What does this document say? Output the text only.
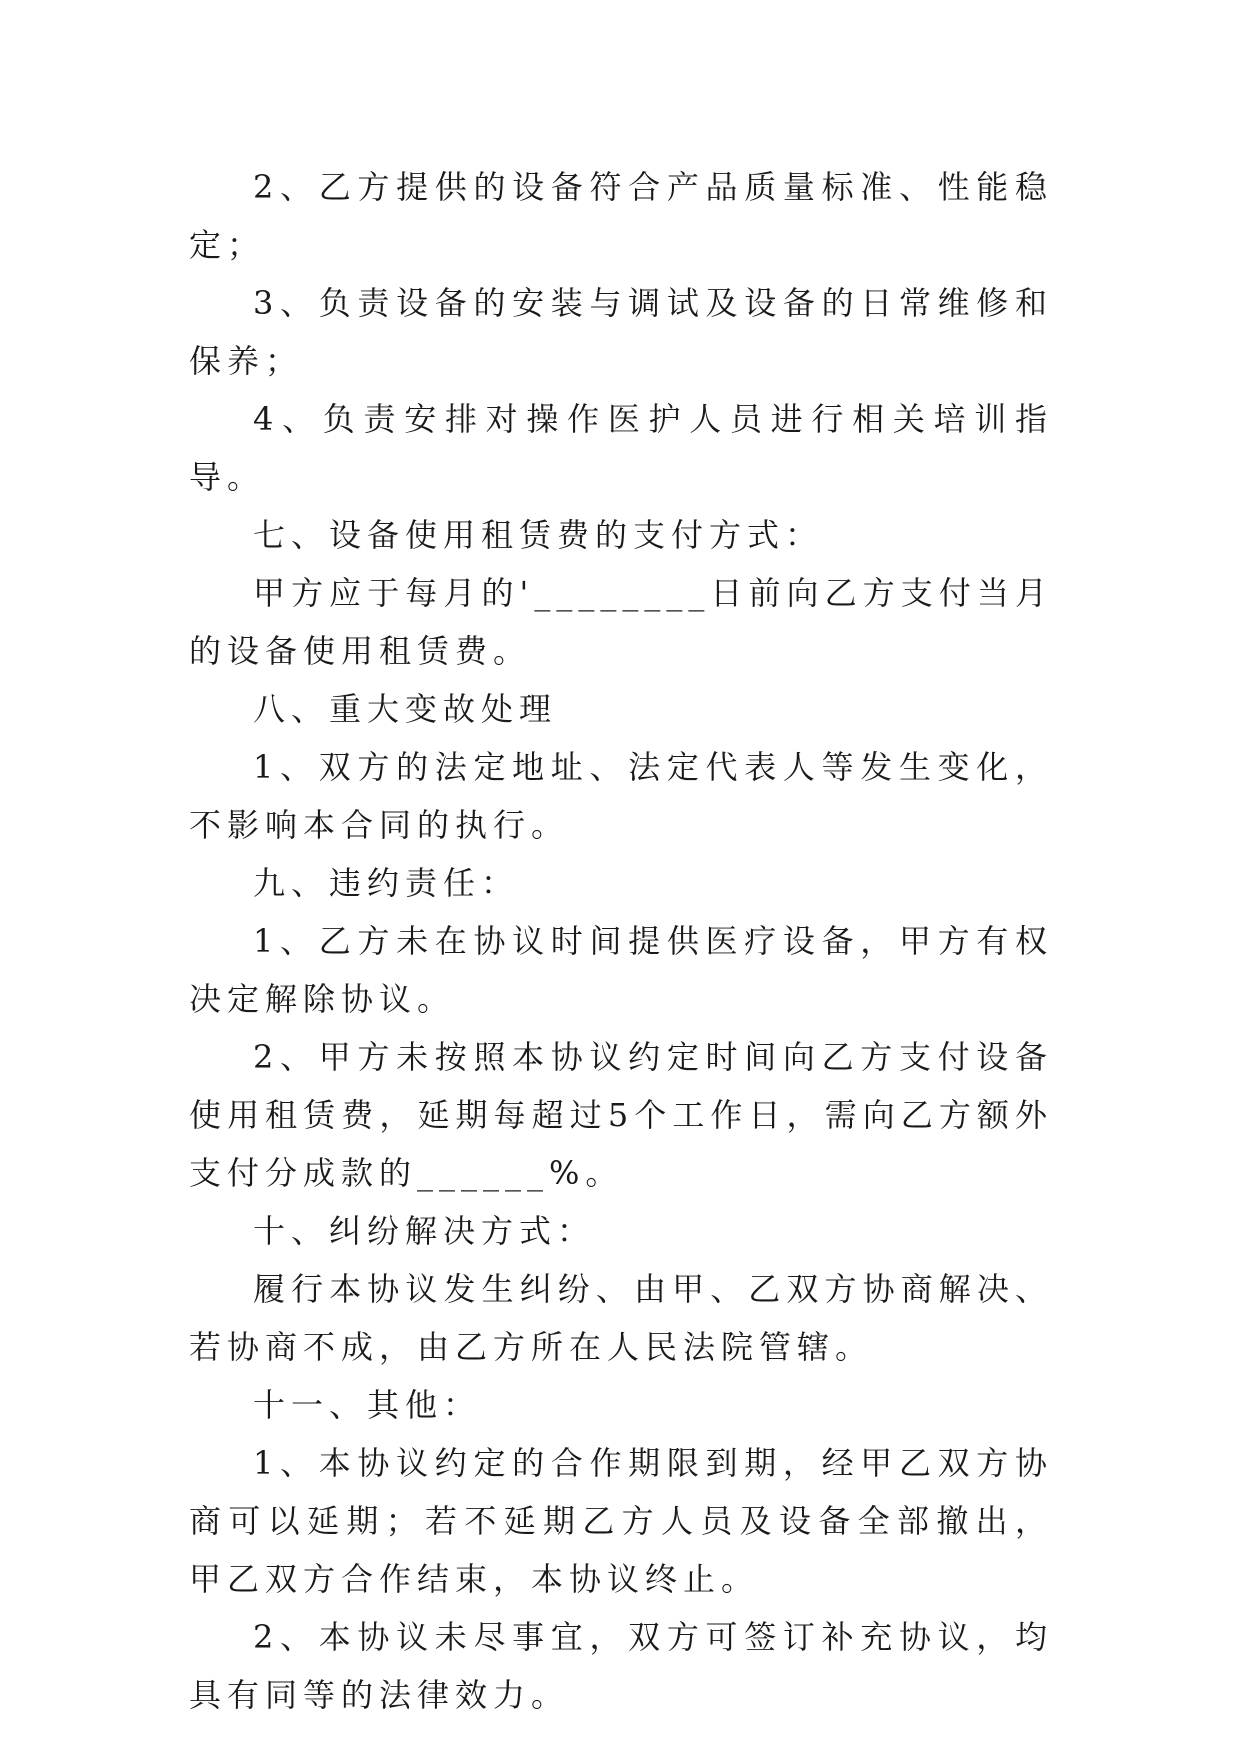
2、乙方提供的设备符合产品质量标准、性能稳定；

3、负责设备的安装与调试及设备的日常维修和保养；

4、负责安排对操作医护人员进行相关培训指导。

七、设备使用租赁费的支付方式：

甲方应于每月的'________日前向乙方支付当月的设备使用租赁费。

八、重大变故处理

1、双方的法定地址、法定代表人等发生变化，不影响本合同的执行。

九、违约责任：

1、乙方未在协议时间提供医疗设备，甲方有权决定解除协议。

2、甲方未按照本协议约定时间向乙方支付设备使用租赁费，延期每超过5个工作日，需向乙方额外支付分成款的______%。

十、纠纷解决方式：

履行本协议发生纠纷、由甲、乙双方协商解决、若协商不成，由乙方所在人民法院管辖。

十一、其他：

1、本协议约定的合作期限到期，经甲乙双方协商可以延期；若不延期乙方人员及设备全部撤出，甲乙双方合作结束，本协议终止。

2、本协议未尽事宜，双方可签订补充协议，均具有同等的法律效力。
